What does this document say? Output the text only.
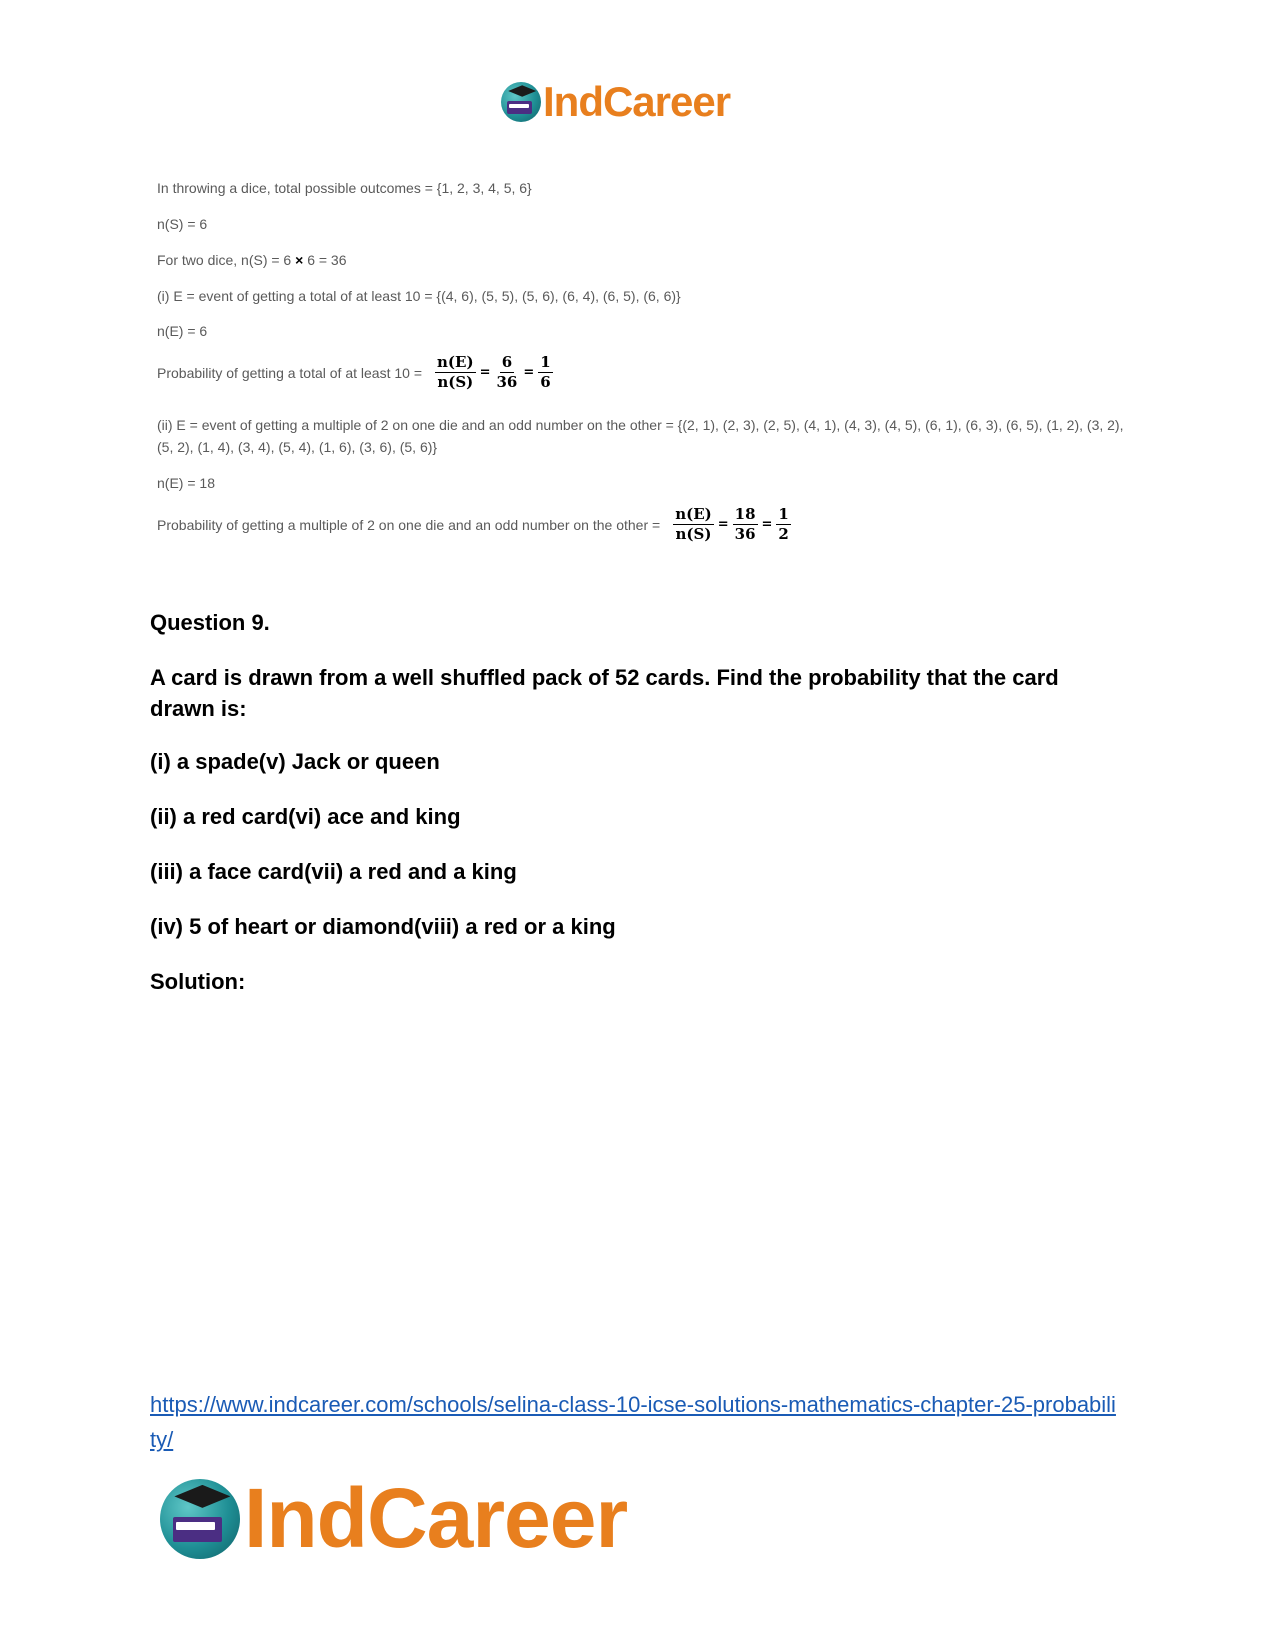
IndCareer
In throwing a dice, total possible outcomes = {1, 2, 3, 4, 5, 6}
n(S) = 6
For two dice, n(S) = 6 × 6 = 36
(i) E = event of getting a total of at least 10 = {(4, 6), (5, 5), (5, 6), (6, 4), (6, 5), (6, 6)}
n(E) = 6
Probability of getting a total of at least $10 = \frac{n(E)}{n(S)} = \frac{6}{36} = \frac{1}{6}$
(ii) E = event of getting a multiple of 2 on one die and an odd number on the other = {(2, 1), (2, 3), (2, 5), (4, 1), (4, 3), (4, 5), (6, 1), (6, 3), (6, 5), (1, 2), (3, 2), (5, 2), (1, 4), (3, 4), (5, 4), (1, 6), (3, 6), (5, 6)}
n(E) = 18
Probability of getting a multiple of 2 on one die and an odd number on the other = $\frac{n(E)}{n(S)} = \frac{18}{36} = \frac{1}{2}$
Question 9.
A card is drawn from a well shuffled pack of 52 cards. Find the probability that the card drawn is:
(i) a spade(v) Jack or queen
(ii) a red card(vi) ace and king
(iii) a face card(vii) a red and a king
(iv) 5 of heart or diamond(viii) a red or a king
Solution:
https://www.indcareer.com/schools/selina-class-10-icse-solutions-mathematics-chapter-25-probability/
IndCareer
